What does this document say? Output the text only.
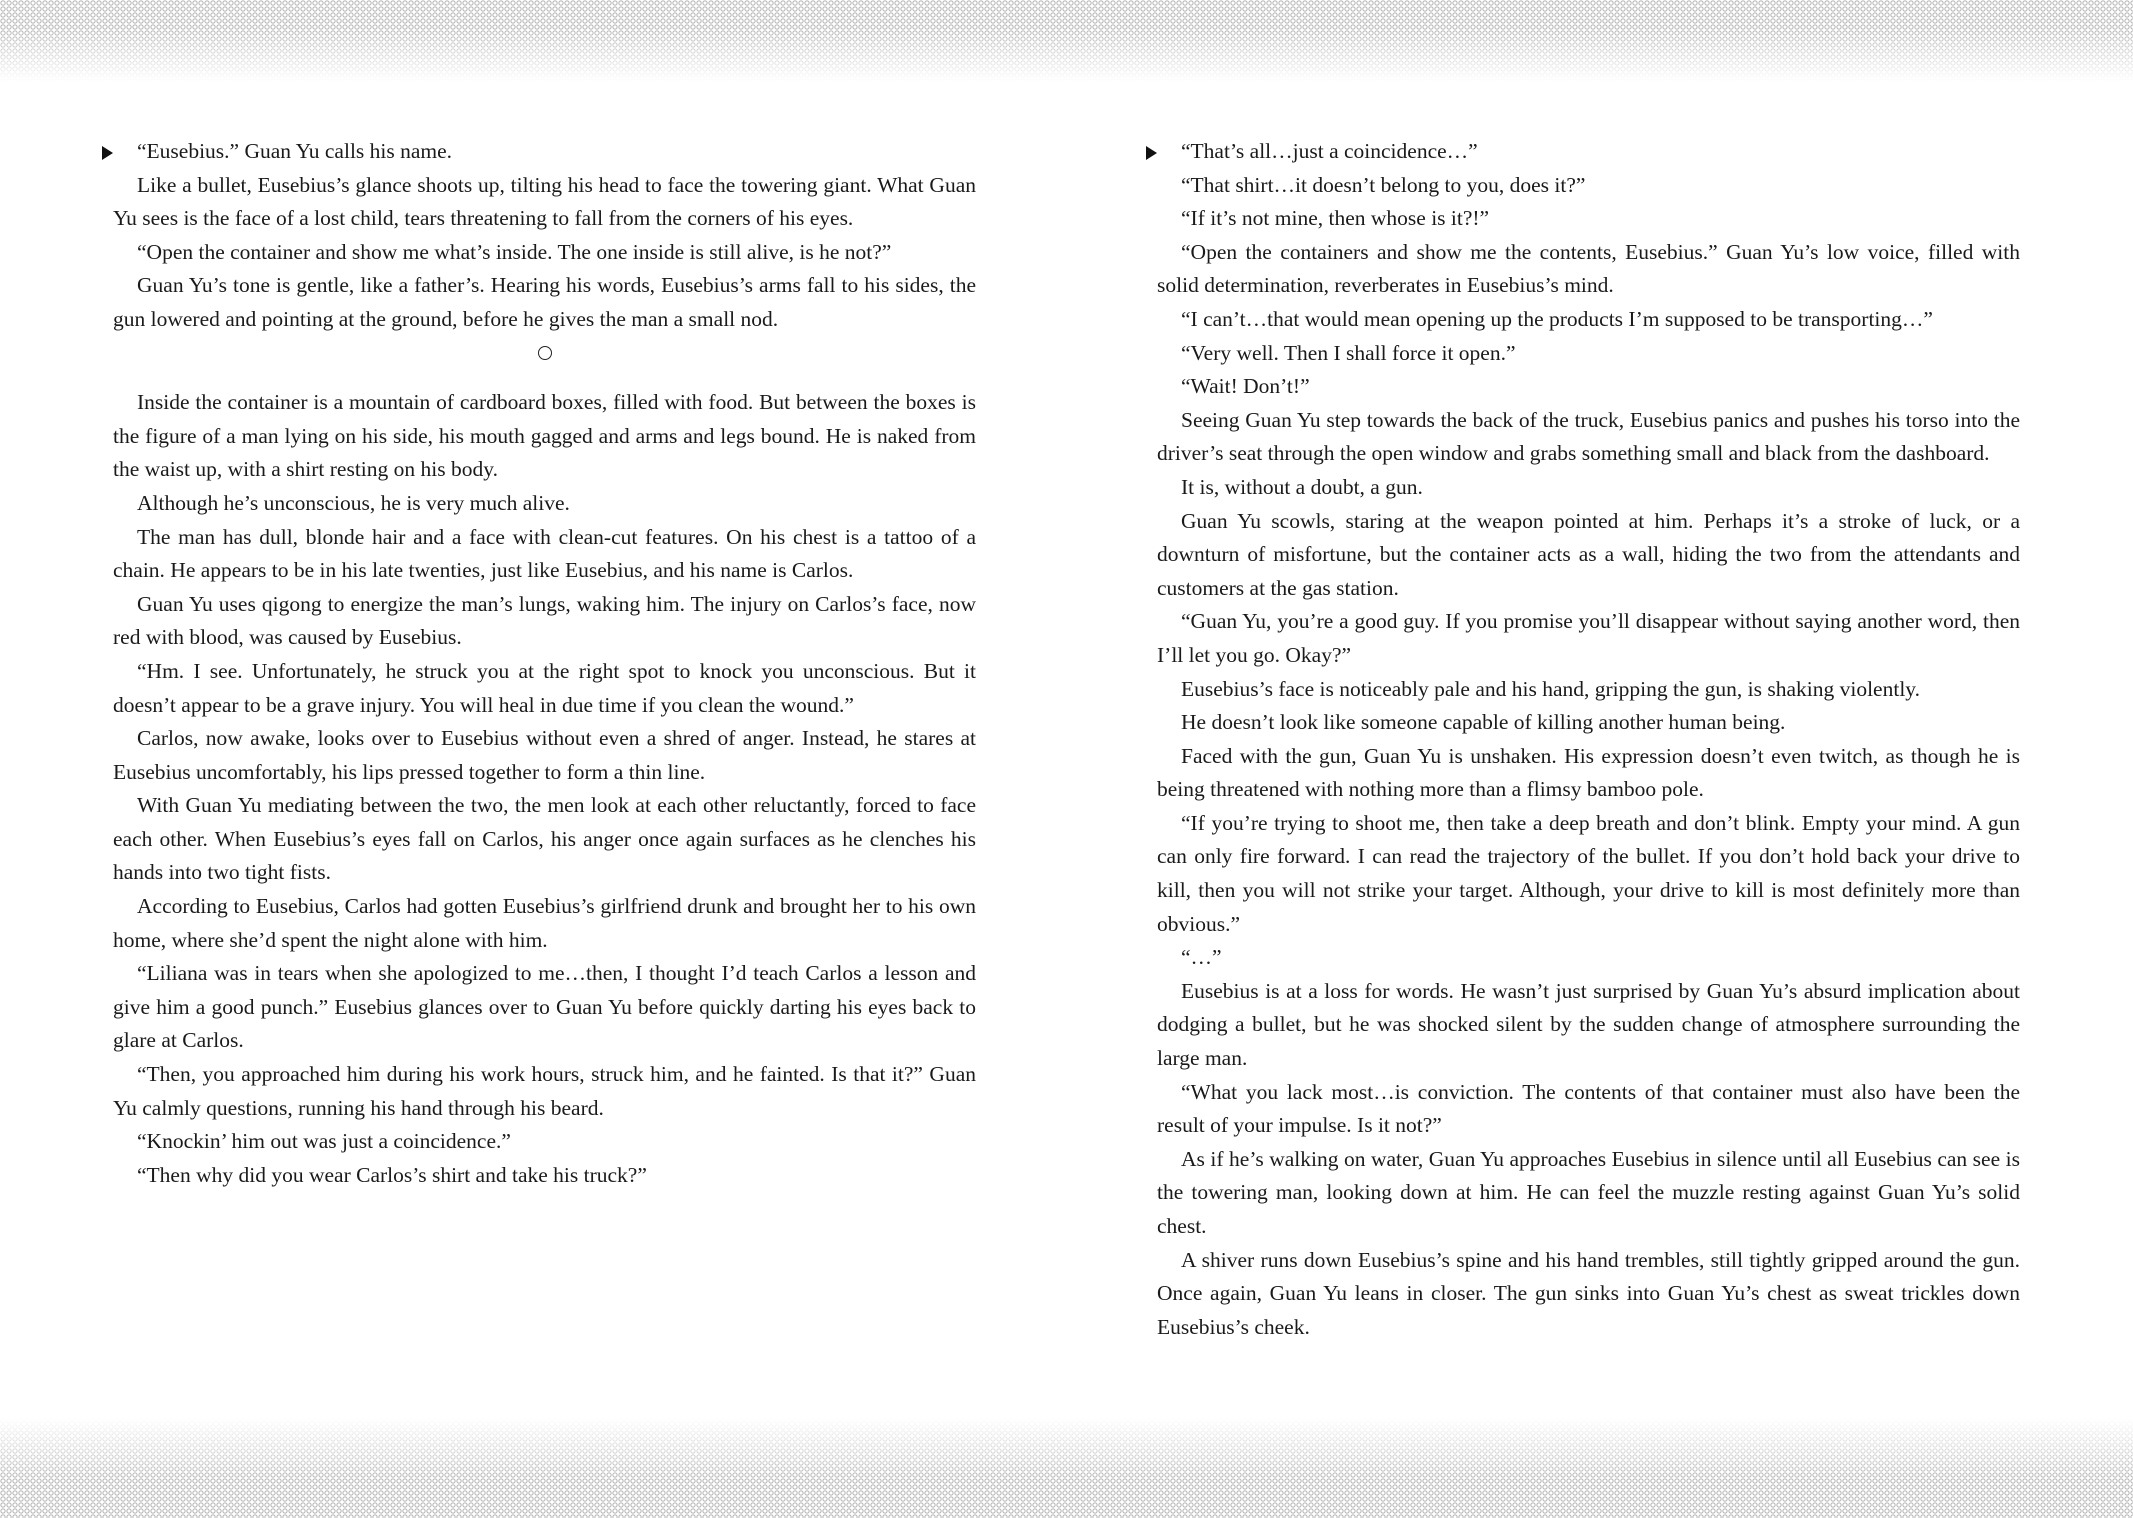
“Eusebius.” Guan Yu calls his name.

Like a bullet, Eusebius’s glance shoots up, tilting his head to face the towering giant. What Guan Yu sees is the face of a lost child, tears threatening to fall from the corners of his eyes.

“Open the container and show me what’s inside. The one inside is still alive, is he not?”

Guan Yu’s tone is gentle, like a father’s. Hearing his words, Eusebius’s arms fall to his sides, the gun lowered and pointing at the ground, before he gives the man a small nod.

Inside the container is a mountain of cardboard boxes, filled with food. But between the boxes is the figure of a man lying on his side, his mouth gagged and arms and legs bound. He is naked from the waist up, with a shirt resting on his body.

Although he’s unconscious, he is very much alive.

The man has dull, blonde hair and a face with clean-cut features. On his chest is a tattoo of a chain. He appears to be in his late twenties, just like Eusebius, and his name is Carlos.

Guan Yu uses qigong to energize the man’s lungs, waking him. The injury on Carlos’s face, now red with blood, was caused by Eusebius.

“Hm. I see. Unfortunately, he struck you at the right spot to knock you unconscious. But it doesn’t appear to be a grave injury. You will heal in due time if you clean the wound.”

Carlos, now awake, looks over to Eusebius without even a shred of anger. Instead, he stares at Eusebius uncomfortably, his lips pressed together to form a thin line.

With Guan Yu mediating between the two, the men look at each other reluctantly, forced to face each other. When Eusebius’s eyes fall on Carlos, his anger once again surfaces as he clenches his hands into two tight fists.

According to Eusebius, Carlos had gotten Eusebius’s girlfriend drunk and brought her to his own home, where she’d spent the night alone with him.

“Liliana was in tears when she apologized to me…then, I thought I’d teach Carlos a lesson and give him a good punch.” Eusebius glances over to Guan Yu before quickly darting his eyes back to glare at Carlos.

“Then, you approached him during his work hours, struck him, and he fainted. Is that it?” Guan Yu calmly questions, running his hand through his beard.

“Knockin’ him out was just a coincidence.”

“Then why did you wear Carlos’s shirt and take his truck?”

“That’s all…just a coincidence…”

“That shirt…it doesn’t belong to you, does it?”

“If it’s not mine, then whose is it?!”

“Open the containers and show me the contents, Eusebius.” Guan Yu’s low voice, filled with solid determination, reverberates in Eusebius’s mind.

“I can’t…that would mean opening up the products I’m supposed to be transporting…”

“Very well. Then I shall force it open.”

“Wait! Don’t!”

Seeing Guan Yu step towards the back of the truck, Eusebius panics and pushes his torso into the driver’s seat through the open window and grabs something small and black from the dashboard.

It is, without a doubt, a gun.

Guan Yu scowls, staring at the weapon pointed at him. Perhaps it’s a stroke of luck, or a downturn of misfortune, but the container acts as a wall, hiding the two from the attendants and customers at the gas station.

“Guan Yu, you’re a good guy. If you promise you’ll disappear without saying another word, then I’ll let you go. Okay?”

Eusebius’s face is noticeably pale and his hand, gripping the gun, is shaking violently.

He doesn’t look like someone capable of killing another human being.

Faced with the gun, Guan Yu is unshaken. His expression doesn’t even twitch, as though he is being threatened with nothing more than a flimsy bamboo pole.

“If you’re trying to shoot me, then take a deep breath and don’t blink. Empty your mind. A gun can only fire forward. I can read the trajectory of the bullet. If you don’t hold back your drive to kill, then you will not strike your target. Although, your drive to kill is most definitely more than obvious.”

“…”

Eusebius is at a loss for words. He wasn’t just surprised by Guan Yu’s absurd implication about dodging a bullet, but he was shocked silent by the sudden change of atmosphere surrounding the large man.

“What you lack most…is conviction. The contents of that container must also have been the result of your impulse. Is it not?”

As if he’s walking on water, Guan Yu approaches Eusebius in silence until all Eusebius can see is the towering man, looking down at him. He can feel the muzzle resting against Guan Yu’s solid chest.

A shiver runs down Eusebius’s spine and his hand trembles, still tightly gripped around the gun. Once again, Guan Yu leans in closer. The gun sinks into Guan Yu’s chest as sweat trickles down Eusebius’s cheek.
